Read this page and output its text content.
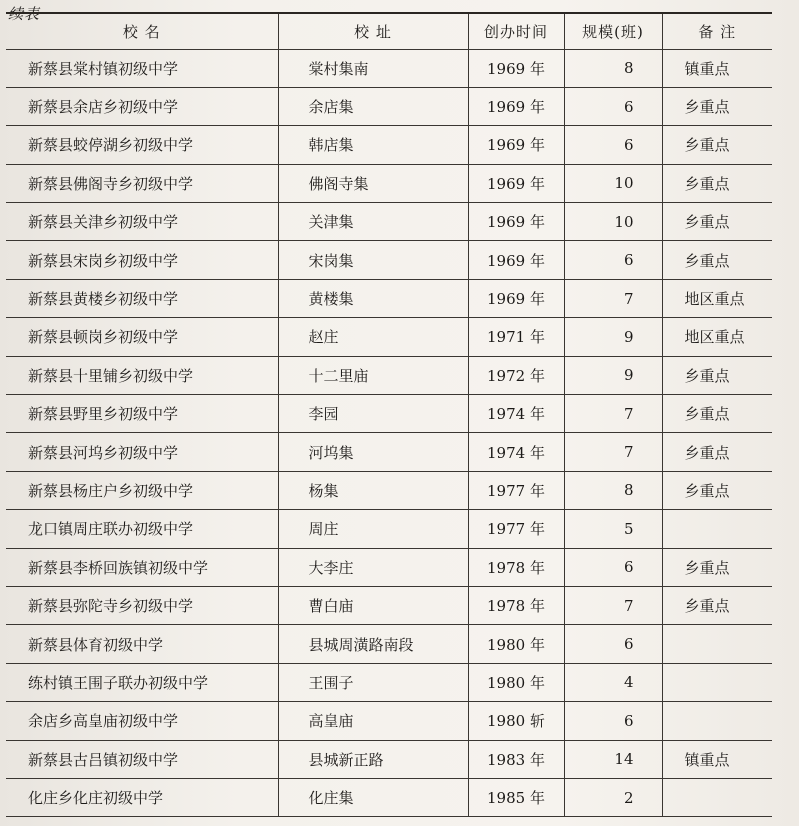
续表
校 名	校 址	创办时间	规模(班)	备 注
新蔡县棠村镇初级中学	棠村集南	1969 年	8	镇重点
新蔡县余店乡初级中学	余店集	1969 年	6	乡重点
新蔡县蛟停湖乡初级中学	韩店集	1969 年	6	乡重点
新蔡县佛阁寺乡初级中学	佛阁寺集	1969 年	10	乡重点
新蔡县关津乡初级中学	关津集	1969 年	10	乡重点
新蔡县宋岗乡初级中学	宋岗集	1969 年	6	乡重点
新蔡县黄楼乡初级中学	黄楼集	1969 年	7	地区重点
新蔡县顿岗乡初级中学	赵庄	1971 年	9	地区重点
新蔡县十里铺乡初级中学	十二里庙	1972 年	9	乡重点
新蔡县野里乡初级中学	李园	1974 年	7	乡重点
新蔡县河坞乡初级中学	河坞集	1974 年	7	乡重点
新蔡县杨庄户乡初级中学	杨集	1977 年	8	乡重点
龙口镇周庄联办初级中学	周庄	1977 年	5	
新蔡县李桥回族镇初级中学	大李庄	1978 年	6	乡重点
新蔡县弥陀寺乡初级中学	曹白庙	1978 年	7	乡重点
新蔡县体育初级中学	县城周潢路南段	1980 年	6	
练村镇王围子联办初级中学	王围子	1980 年	4	
余店乡高皇庙初级中学	高皇庙	1980 斩	6	
新蔡县古吕镇初级中学	县城新正路	1983 年	14	镇重点
化庄乡化庄初级中学	化庄集	1985 年	2	
